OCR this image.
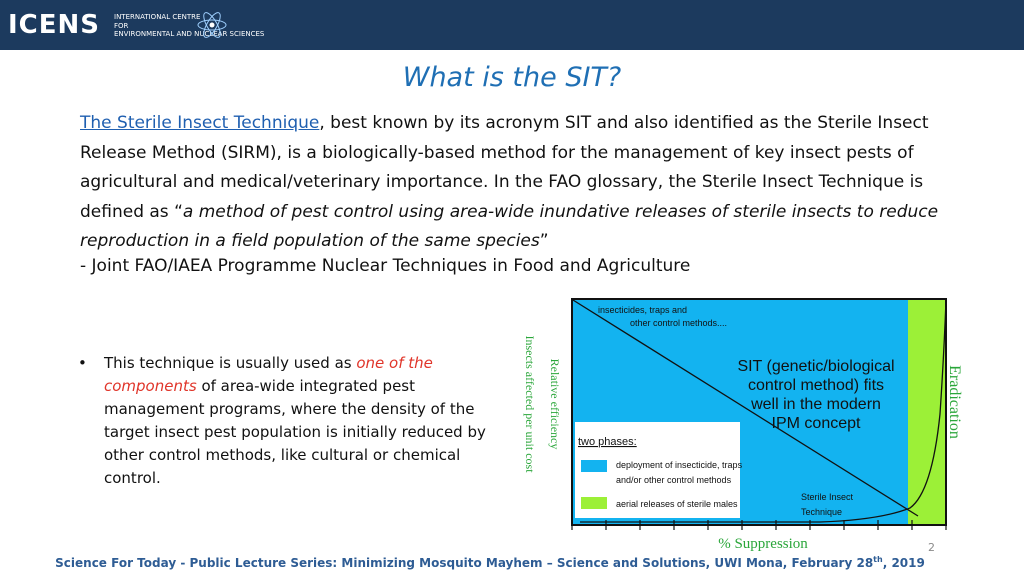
ICENS INTERNATIONAL CENTRE
FOR
ENVIRONMENTAL AND NUCLEAR SCIENCES
What is the SIT?
The Sterile Insect Technique, best known by its acronym SIT and also identified as the Sterile Insect Release Method (SIRM), is a biologically-based method for the management of key insect pests of agricultural and medical/veterinary importance. In the FAO glossary, the Sterile Insect Technique is defined as “a method of pest control using area-wide inundative releases of sterile insects to reduce reproduction in a field population of the same species”
- Joint FAO/IAEA Programme Nuclear Techniques in Food and Agriculture
• This technique is usually used as one of the components of area-wide integrated pest management programs, where the density of the target insect pest population is initially reduced by other control methods, like cultural or chemical control.
two phases:
deployment of insecticide, traps
and/or other control methods
aerial releases of sterile males
insecticides, traps and
other control methods....
SIT (genetic/biological
control method) fits
well in the modern
IPM concept
Sterile Insect
Technique
% Suppression
Relative efficiency
Insects affected per unit cost	Eradication
2
Science For Today - Public Lecture Series: Minimizing Mosquito Mayhem – Science and Solutions, UWI Mona, February 28th, 2019
